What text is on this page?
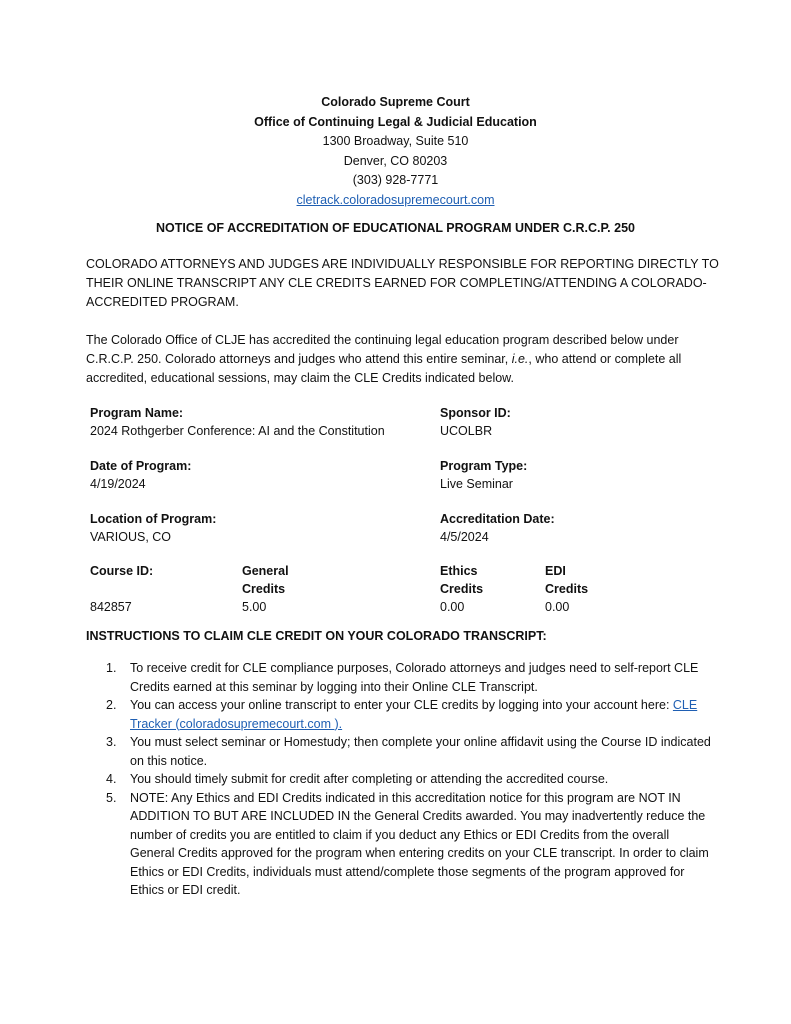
Colorado Supreme Court
Office of Continuing Legal & Judicial Education
1300 Broadway, Suite 510
Denver, CO 80203
(303) 928-7771
cletrack.coloradosupremecourt.com
NOTICE OF ACCREDITATION OF EDUCATIONAL PROGRAM UNDER C.R.C.P. 250
COLORADO ATTORNEYS AND JUDGES ARE INDIVIDUALLY RESPONSIBLE FOR REPORTING DIRECTLY TO THEIR ONLINE TRANSCRIPT ANY CLE CREDITS EARNED FOR COMPLETING/ATTENDING A COLORADO-ACCREDITED PROGRAM.
The Colorado Office of CLJE has accredited the continuing legal education program described below under C.R.C.P. 250. Colorado attorneys and judges who attend this entire seminar, i.e., who attend or complete all accredited, educational sessions, may claim the CLE Credits indicated below.
Program Name:
2024 Rothgerber Conference: AI and the Constitution
Sponsor ID:
UCOLBR
Date of Program:
4/19/2024
Program Type:
Live Seminar
Location of Program:
VARIOUS, CO
Accreditation Date:
4/5/2024
Course ID:
842857
General
Credits
5.00
Ethics
Credits
0.00
EDI
Credits
0.00
INSTRUCTIONS TO CLAIM CLE CREDIT ON YOUR COLORADO TRANSCRIPT:
1. To receive credit for CLE compliance purposes, Colorado attorneys and judges need to self-report CLE Credits earned at this seminar by logging into their Online CLE Transcript.
2. You can access your online transcript to enter your CLE credits by logging into your account here: CLE Tracker (coloradosupremecourt.com ).
3. You must select seminar or Homestudy; then complete your online affidavit using the Course ID indicated on this notice.
4. You should timely submit for credit after completing or attending the accredited course.
5. NOTE: Any Ethics and EDI Credits indicated in this accreditation notice for this program are NOT IN ADDITION TO BUT ARE INCLUDED IN the General Credits awarded. You may inadvertently reduce the number of credits you are entitled to claim if you deduct any Ethics or EDI Credits from the overall General Credits approved for the program when entering credits on your CLE transcript. In order to claim Ethics or EDI Credits, individuals must attend/complete those segments of the program approved for Ethics or EDI credit.
